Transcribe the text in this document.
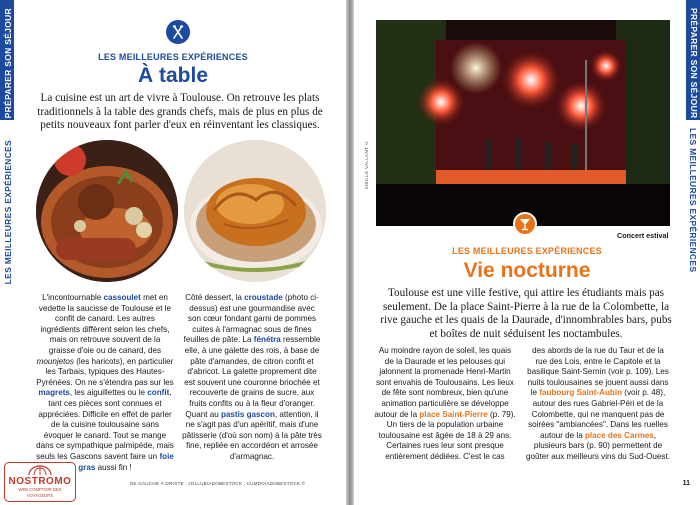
PRÉPARER SON SÉJOUR
LES MEILLEURES EXPÉRIENCES
LES MEILLEURES EXPÉRIENCES
À table
La cuisine est un art de vivre à Toulouse. On retrouve les plats traditionnels à la table des grands chefs, mais de plus en plus de petits nouveaux font parler d'eux en réinventant les classiques.
L'incontournable cassoulet met en vedette la saucisse de Toulouse et le confit de canard. Les autres ingrédients diffèrent selon les chefs, mais on retrouve souvent de la graisse d'oie ou de canard, des mounjetos (les haricots), en particulier les Tarbais, typiques des Hautes-Pyrénées. On ne s'étendra pas sur les magrets, les aiguillettes ou le confit, tant ces pièces sont connues et appréciées. Difficile en effet de parler de la cuisine toulousaine sans évoquer le canard. Tout se mange dans ce sympathique palmipède, mais seuls les Gascons savent faire un foie gras aussi fin !
Côté dessert, la croustade (photo ci-dessus) est une gourmandise avec son cœur fondant garni de pommes cuites à l'armagnac sous de fines feuilles de pâte. La fénétra ressemble elle, à une galette des rois, à base de pâte d'amandes, de citron confit et d'abricot. La galette proprement dite est souvent une couronne briochée et recouverte de grains de sucre, aux fruits confits ou à la fleur d'oranger. Quant au pastis gascon, attention, il ne s'agit pas d'un apéritif, mais d'une pâtisserie (d'où son nom) à la pâte très fine, repliée en accordéon et arrosée d'armagnac.
DE GAUCHE À DROITE : JOLLUB/ADOBESTOCK ; CUMDO/ADOBESTOCK ©
NOSTROMO
WEB COMPTOIR DES VOYAGEURS
SIBILLE VALLANT ©
Concert estival
LES MEILLEURES EXPÉRIENCES
Vie nocturne
Toulouse est une ville festive, qui attire les étudiants mais pas seulement. De la place Saint-Pierre à la rue de la Colombette, la rive gauche et les quais de la Daurade, d'innombrables bars, pubs et boîtes de nuit séduisent les noctambules.
Au moindre rayon de soleil, les quais de la Daurade et les pelouses qui jalonnent la promenade Henri-Martin sont envahis de Toulousains. Les lieux de fête sont nombreux, bien qu'une animation particulière se développe autour de la place Saint-Pierre (p. 79). Un tiers de la population urbaine toulousaine est âgée de 18 à 29 ans. Certaines rues leur sont presque entièrement dédiées. C'est le cas
des abords de la rue du Taur et de la rue des Lois, entre le Capitole et la basilique Saint-Sernin (voir p. 109). Les nuits toulousaines se jouent aussi dans le faubourg Saint-Aubin (voir p. 48), autour des rues Gabriel-Péri et de la Colombette, qui ne manquent pas de soirées "ambiancées". Dans les ruelles autour de la place des Carmes, plusieurs bars (p. 90) permettent de goûter aux meilleurs vins du Sud-Ouest.
PRÉPARER SON SÉJOUR
LES MEILLEURES EXPÉRIENCES
11
